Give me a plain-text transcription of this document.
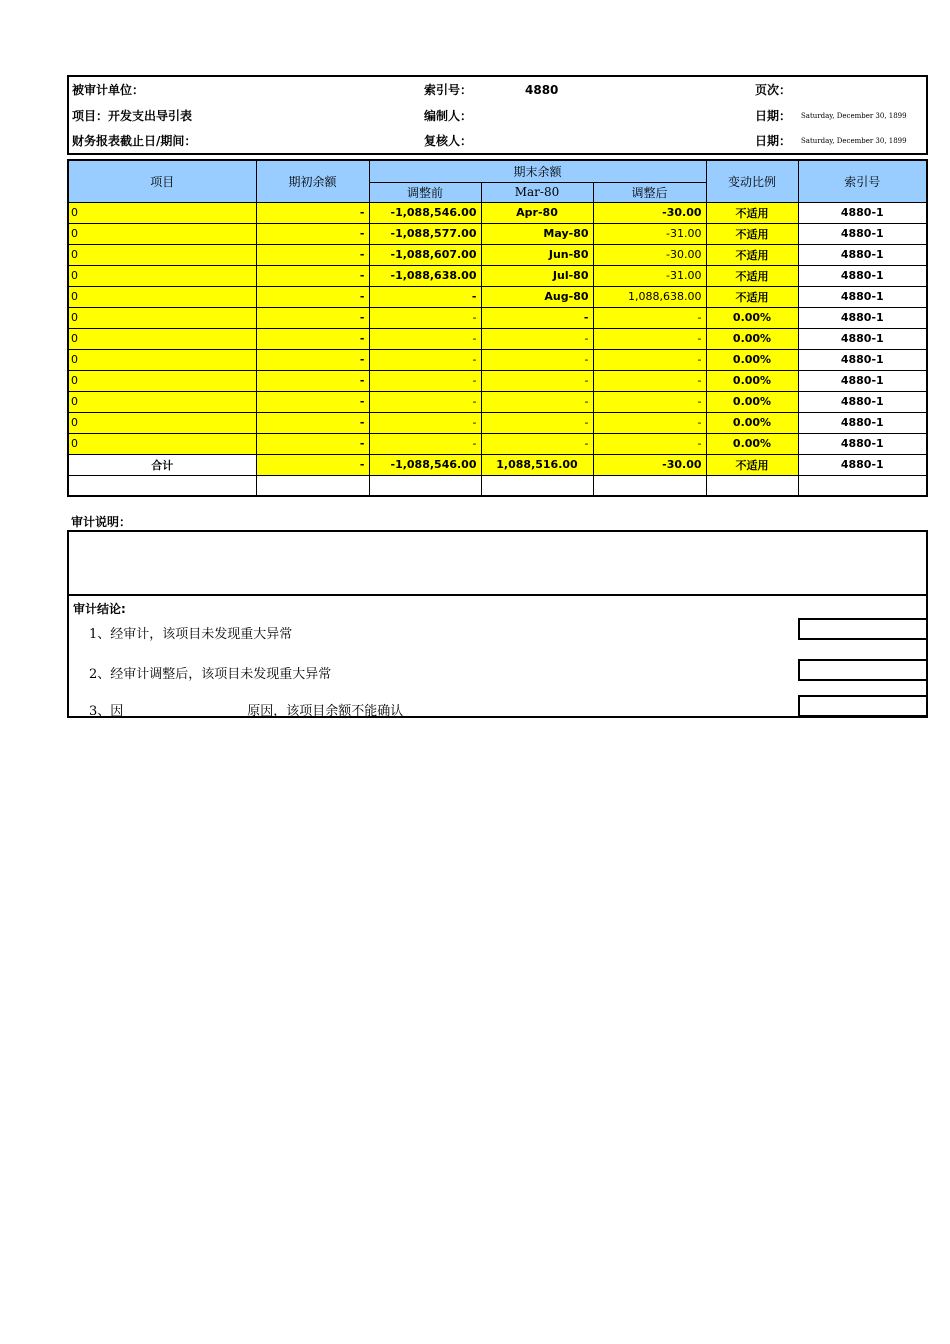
被审计单位：
项目：开发支出导引表
财务报表截止日/期间：
索引号：	4880
编制人：
复核人：
页次：
日期： Saturday, December 30, 1899
日期： Saturday, December 30, 1899
项目	期初余额	期末余额			变动比例	索引号
		调整前	Mar-80	调整后		
0	-	-1,088,546.00	Apr-80	-30.00	不适用	4880-1
0	-	-1,088,577.00	May-80	-31.00	不适用	4880-1
0	-	-1,088,607.00	Jun-80	-30.00	不适用	4880-1
0	-	-1,088,638.00	Jul-80	-31.00	不适用	4880-1
0	-	-	Aug-80	1,088,638.00	不适用	4880-1
0	-	-	-	-	0.00%	4880-1
0	-	-	-	-	0.00%	4880-1
0	-	-	-	-	0.00%	4880-1
0	-	-	-	-	0.00%	4880-1
0	-	-	-	-	0.00%	4880-1
0	-	-	-	-	0.00%	4880-1
0	-	-	-	-	0.00%	4880-1
合计	-	-1,088,546.00	1,088,516.00	-30.00	不适用	4880-1

审计说明：
审计结论:
1、经审计，该项目未发现重大异常
2、经审计调整后，该项目未发现重大异常
3、因                              原因，该项目余额不能确认
